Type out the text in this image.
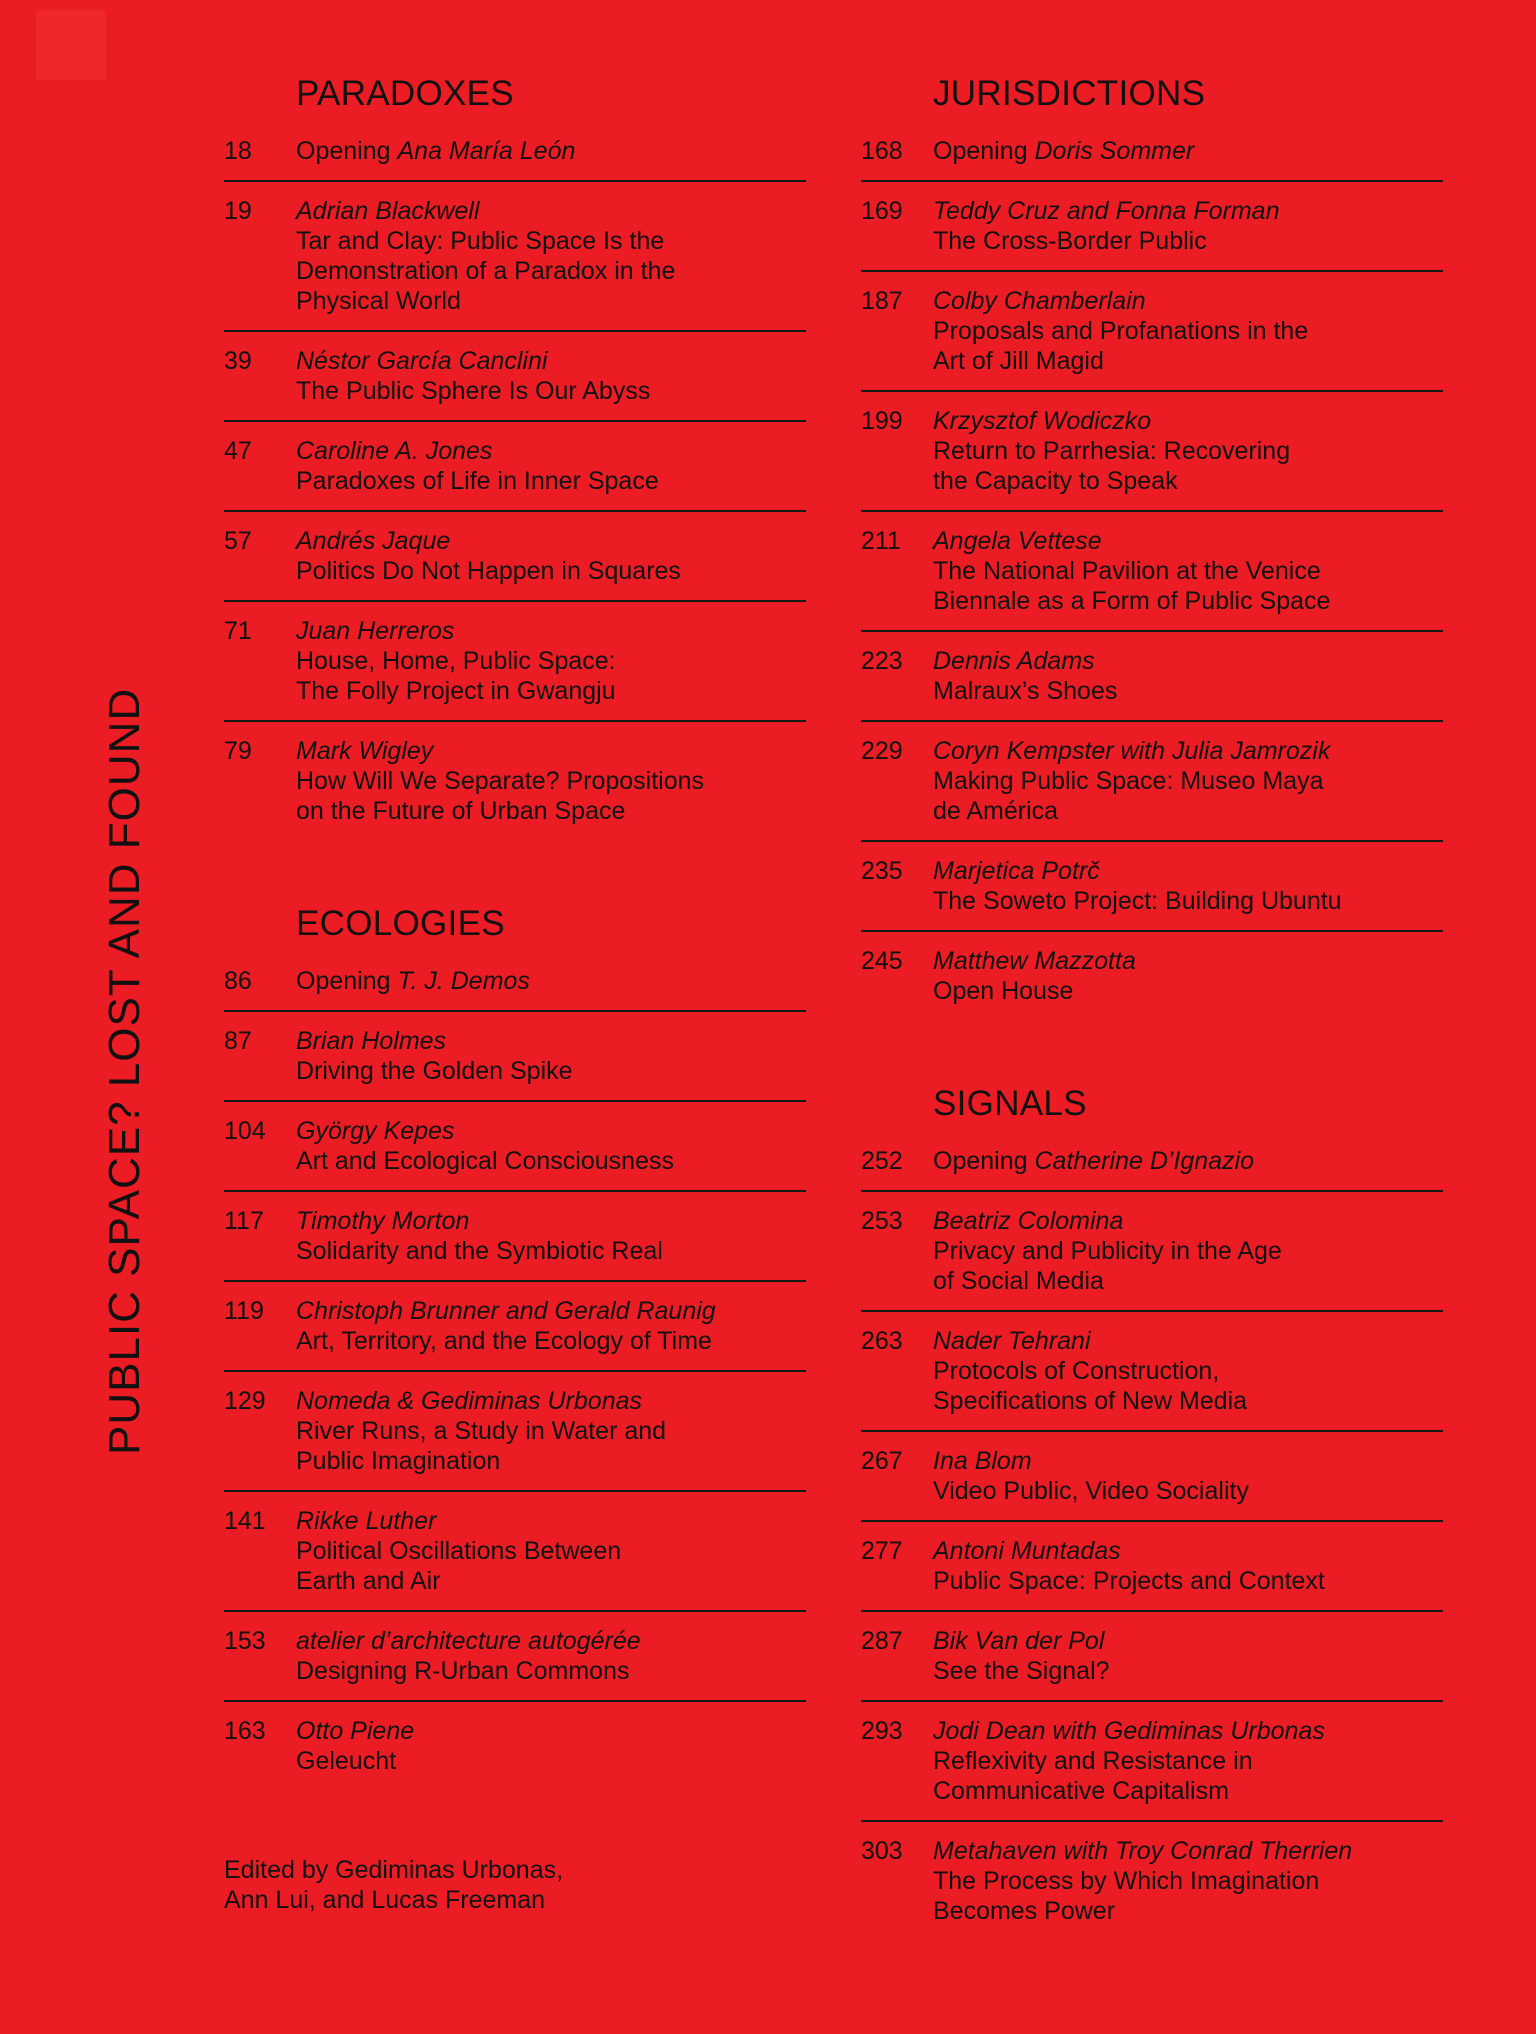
PUBLIC SPACE? LOST AND FOUND
PARADOXES
18	Opening Ana María León
19	Adrian Blackwell
Tar and Clay: Public Space Is the
Demonstration of a Paradox in the
Physical World
39	Néstor García Canclini
The Public Sphere Is Our Abyss
47	Caroline A. Jones
Paradoxes of Life in Inner Space
57	Andrés Jaque
Politics Do Not Happen in Squares
71	Juan Herreros
House, Home, Public Space:
The Folly Project in Gwangju
79	Mark Wigley
How Will We Separate? Propositions
on the Future of Urban Space
ECOLOGIES
86	Opening T. J. Demos
87	Brian Holmes
Driving the Golden Spike
104	György Kepes
Art and Ecological Consciousness
117	Timothy Morton
Solidarity and the Symbiotic Real
119	Christoph Brunner and Gerald Raunig
Art, Territory, and the Ecology of Time
129	Nomeda & Gediminas Urbonas
River Runs, a Study in Water and
Public Imagination
141	Rikke Luther
Political Oscillations Between
Earth and Air
153	atelier d’architecture autogérée
Designing R-Urban Commons
163	Otto Piene
Geleucht
Edited by Gediminas Urbonas,
Ann Lui, and Lucas Freeman
JURISDICTIONS
168	Opening Doris Sommer
169	Teddy Cruz and Fonna Forman
The Cross-Border Public
187	Colby Chamberlain
Proposals and Profanations in the
Art of Jill Magid
199	Krzysztof Wodiczko
Return to Parrhesia: Recovering
the Capacity to Speak
211	Angela Vettese
The National Pavilion at the Venice
Biennale as a Form of Public Space
223	Dennis Adams
Malraux’s Shoes
229	Coryn Kempster with Julia Jamrozik
Making Public Space: Museo Maya
de América
235	Marjetica Potrč
The Soweto Project: Building Ubuntu
245	Matthew Mazzotta
Open House
SIGNALS
252	Opening Catherine D’Ignazio
253	Beatriz Colomina
Privacy and Publicity in the Age
of Social Media
263	Nader Tehrani
Protocols of Construction,
Specifications of New Media
267	Ina Blom
Video Public, Video Sociality
277	Antoni Muntadas
Public Space: Projects and Context
287	Bik Van der Pol
See the Signal?
293	Jodi Dean with Gediminas Urbonas
Reflexivity and Resistance in
Communicative Capitalism
303	Metahaven with Troy Conrad Therrien
The Process by Which Imagination
Becomes Power
